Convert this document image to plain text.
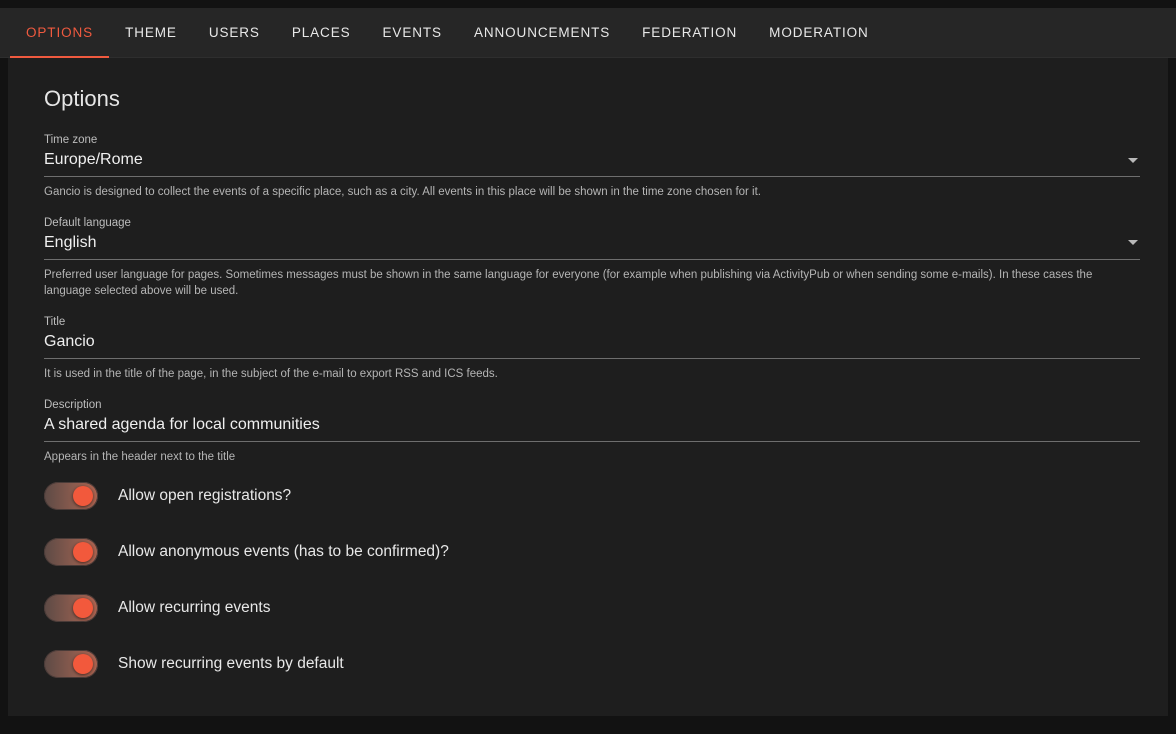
OPTIONS THEME USERS PLACES EVENTS ANNOUNCEMENTS FEDERATION MODERATION
Options
Time zone
Europe/Rome
Gancio is designed to collect the events of a specific place, such as a city. All events in this place will be shown in the time zone chosen for it.
Default language
English
Preferred user language for pages. Sometimes messages must be shown in the same language for everyone (for example when publishing via ActivityPub or when sending some e-mails). In these cases the language selected above will be used.
Title
Gancio
It is used in the title of the page, in the subject of the e-mail to export RSS and ICS feeds.
Description
A shared agenda for local communities
Appears in the header next to the title
Allow open registrations?
Allow anonymous events (has to be confirmed)?
Allow recurring events
Show recurring events by default
